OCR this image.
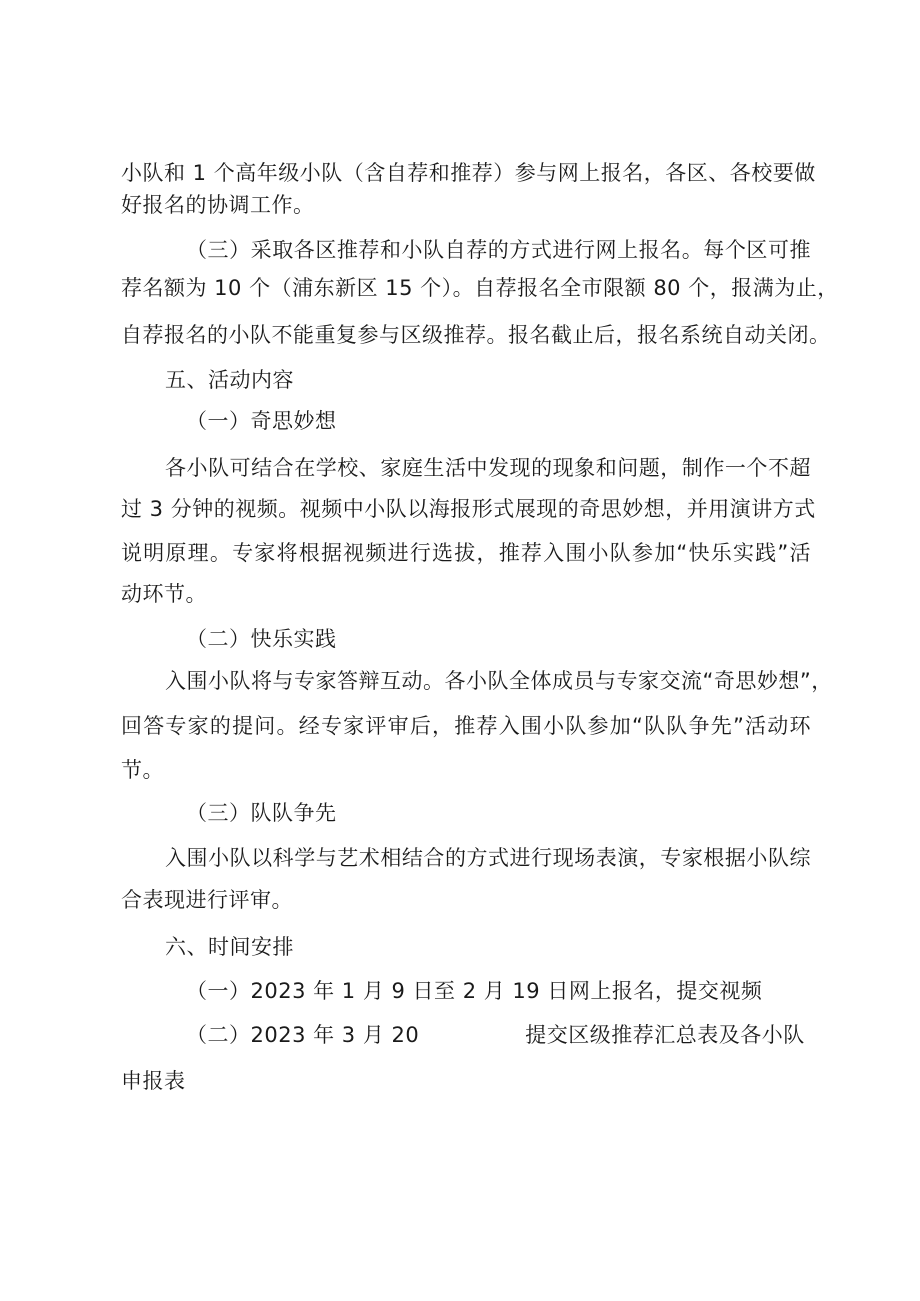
小队和 1 个高年级小队（含自荐和推荐）参与网上报名，各区、各校要做
好报名的协调工作。
（三）采取各区推荐和小队自荐的方式进行网上报名。每个区可推
荐名额为 10 个（浦东新区 15 个）。自荐报名全市限额 80 个，报满为止，
自荐报名的小队不能重复参与区级推荐。报名截止后，报名系统自动关闭。
五、活动内容
（一）奇思妙想
各小队可结合在学校、家庭生活中发现的现象和问题，制作一个不超
过 3 分钟的视频。视频中小队以海报形式展现的奇思妙想，并用演讲方式
说明原理。专家将根据视频进行选拔，推荐入围小队参加“快乐实践”活
动环节。
（二）快乐实践
入围小队将与专家答辩互动。各小队全体成员与专家交流“奇思妙想”，
回答专家的提问。经专家评审后，推荐入围小队参加“队队争先”活动环
节。
（三）队队争先
入围小队以科学与艺术相结合的方式进行现场表演，专家根据小队综
合表现进行评审。
六、时间安排
（一）2023 年 1 月 9 日至 2 月 19 日网上报名，提交视频
（二）2023 年 3 月 20	提交区级推荐汇总表及各小队
申报表
